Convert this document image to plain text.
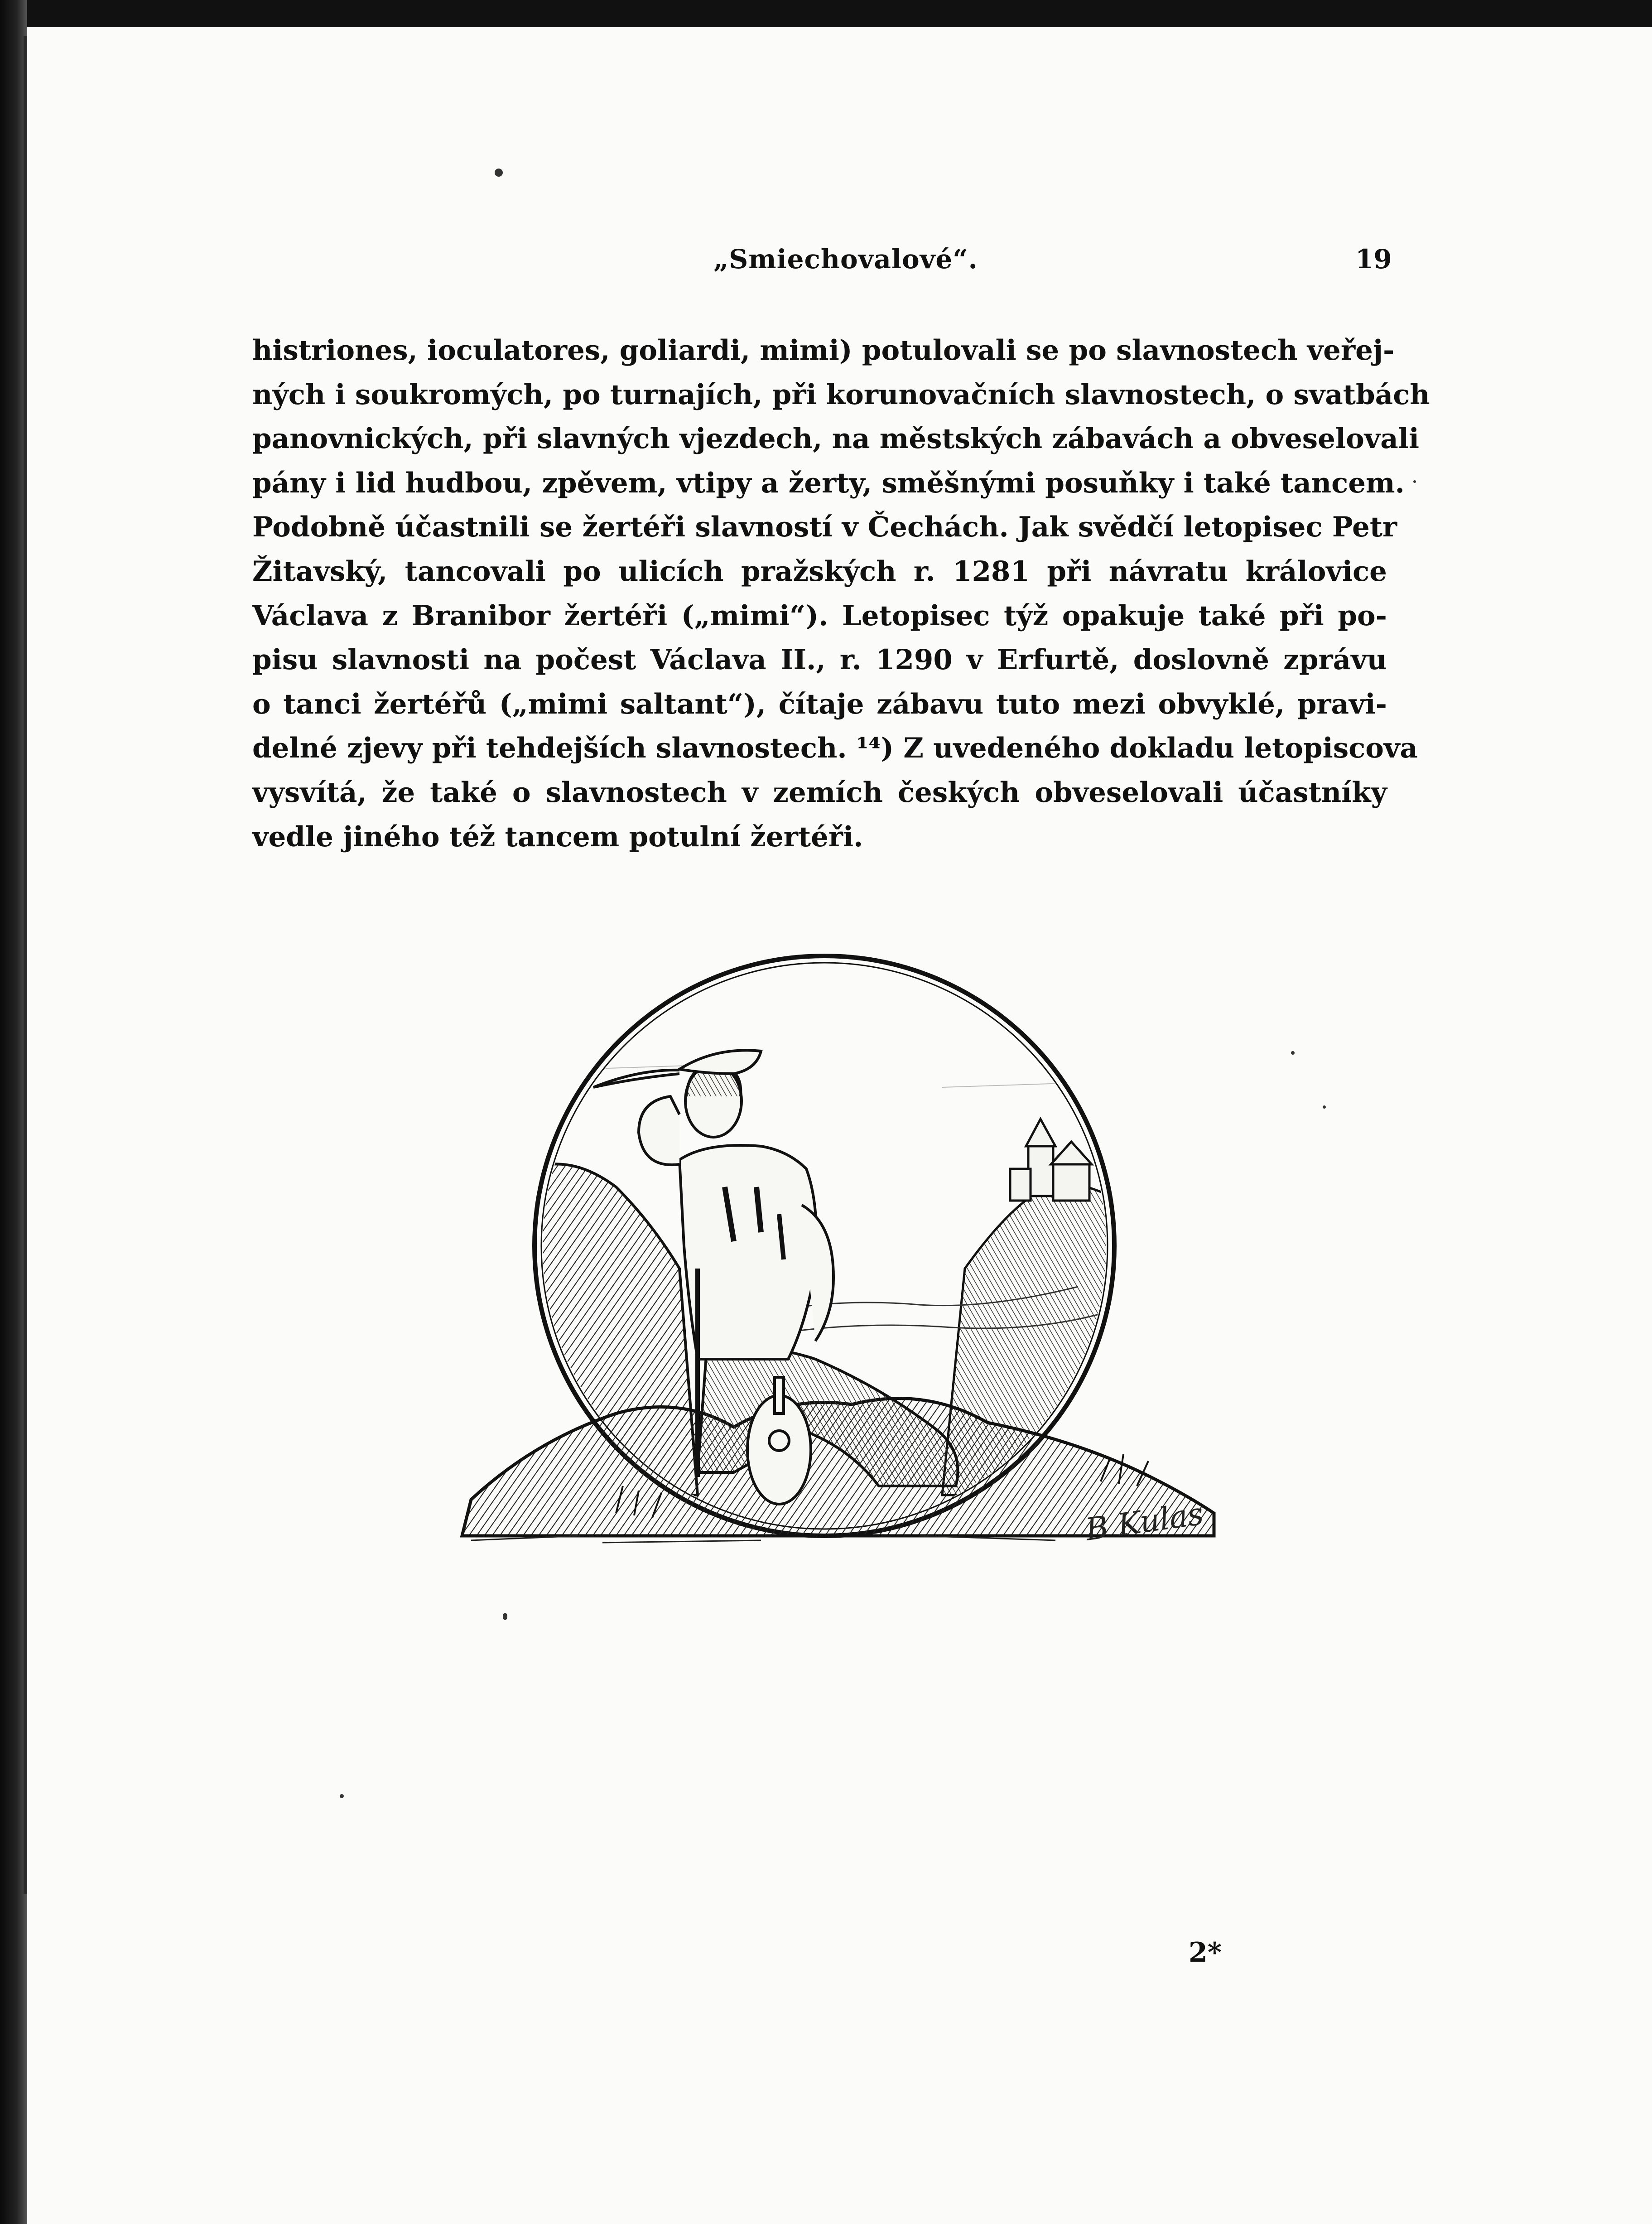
„Smiechovalové“.	19
histriones, ioculatores, goliardi, mimi) potulovali se po slavnostech veřej-
ných i soukromých, po turnajích, při korunovačních slavnostech, o svatbách
panovnických, při slavných vjezdech, na městských zábavách a obveselovali
pány i lid hudbou, zpěvem, vtipy a žerty, směšnými posuňky i také tancem.
Podobně účastnili se žertéři slavností v Čechách. Jak svědčí letopisec Petr
Žitavský, tancovali po ulicích pražských r. 1281 při návratu královice
Václava z Branibor žertéři („mimi“). Letopisec týž opakuje také při po-
pisu slavnosti na počest Václava II., r. 1290 v Erfurtě, doslovně zprávu
o tanci žertéřů („mimi saltant“), čítaje zábavu tuto mezi obvyklé, pravi-
delné zjevy při tehdejších slavnostech. ¹⁴) Z uvedeného dokladu letopiscova
vysvítá, že také o slavnostech v zemích českých obveselovali účastníky
vedle jiného též tancem potulní žertéři.
B Kulas
2*
